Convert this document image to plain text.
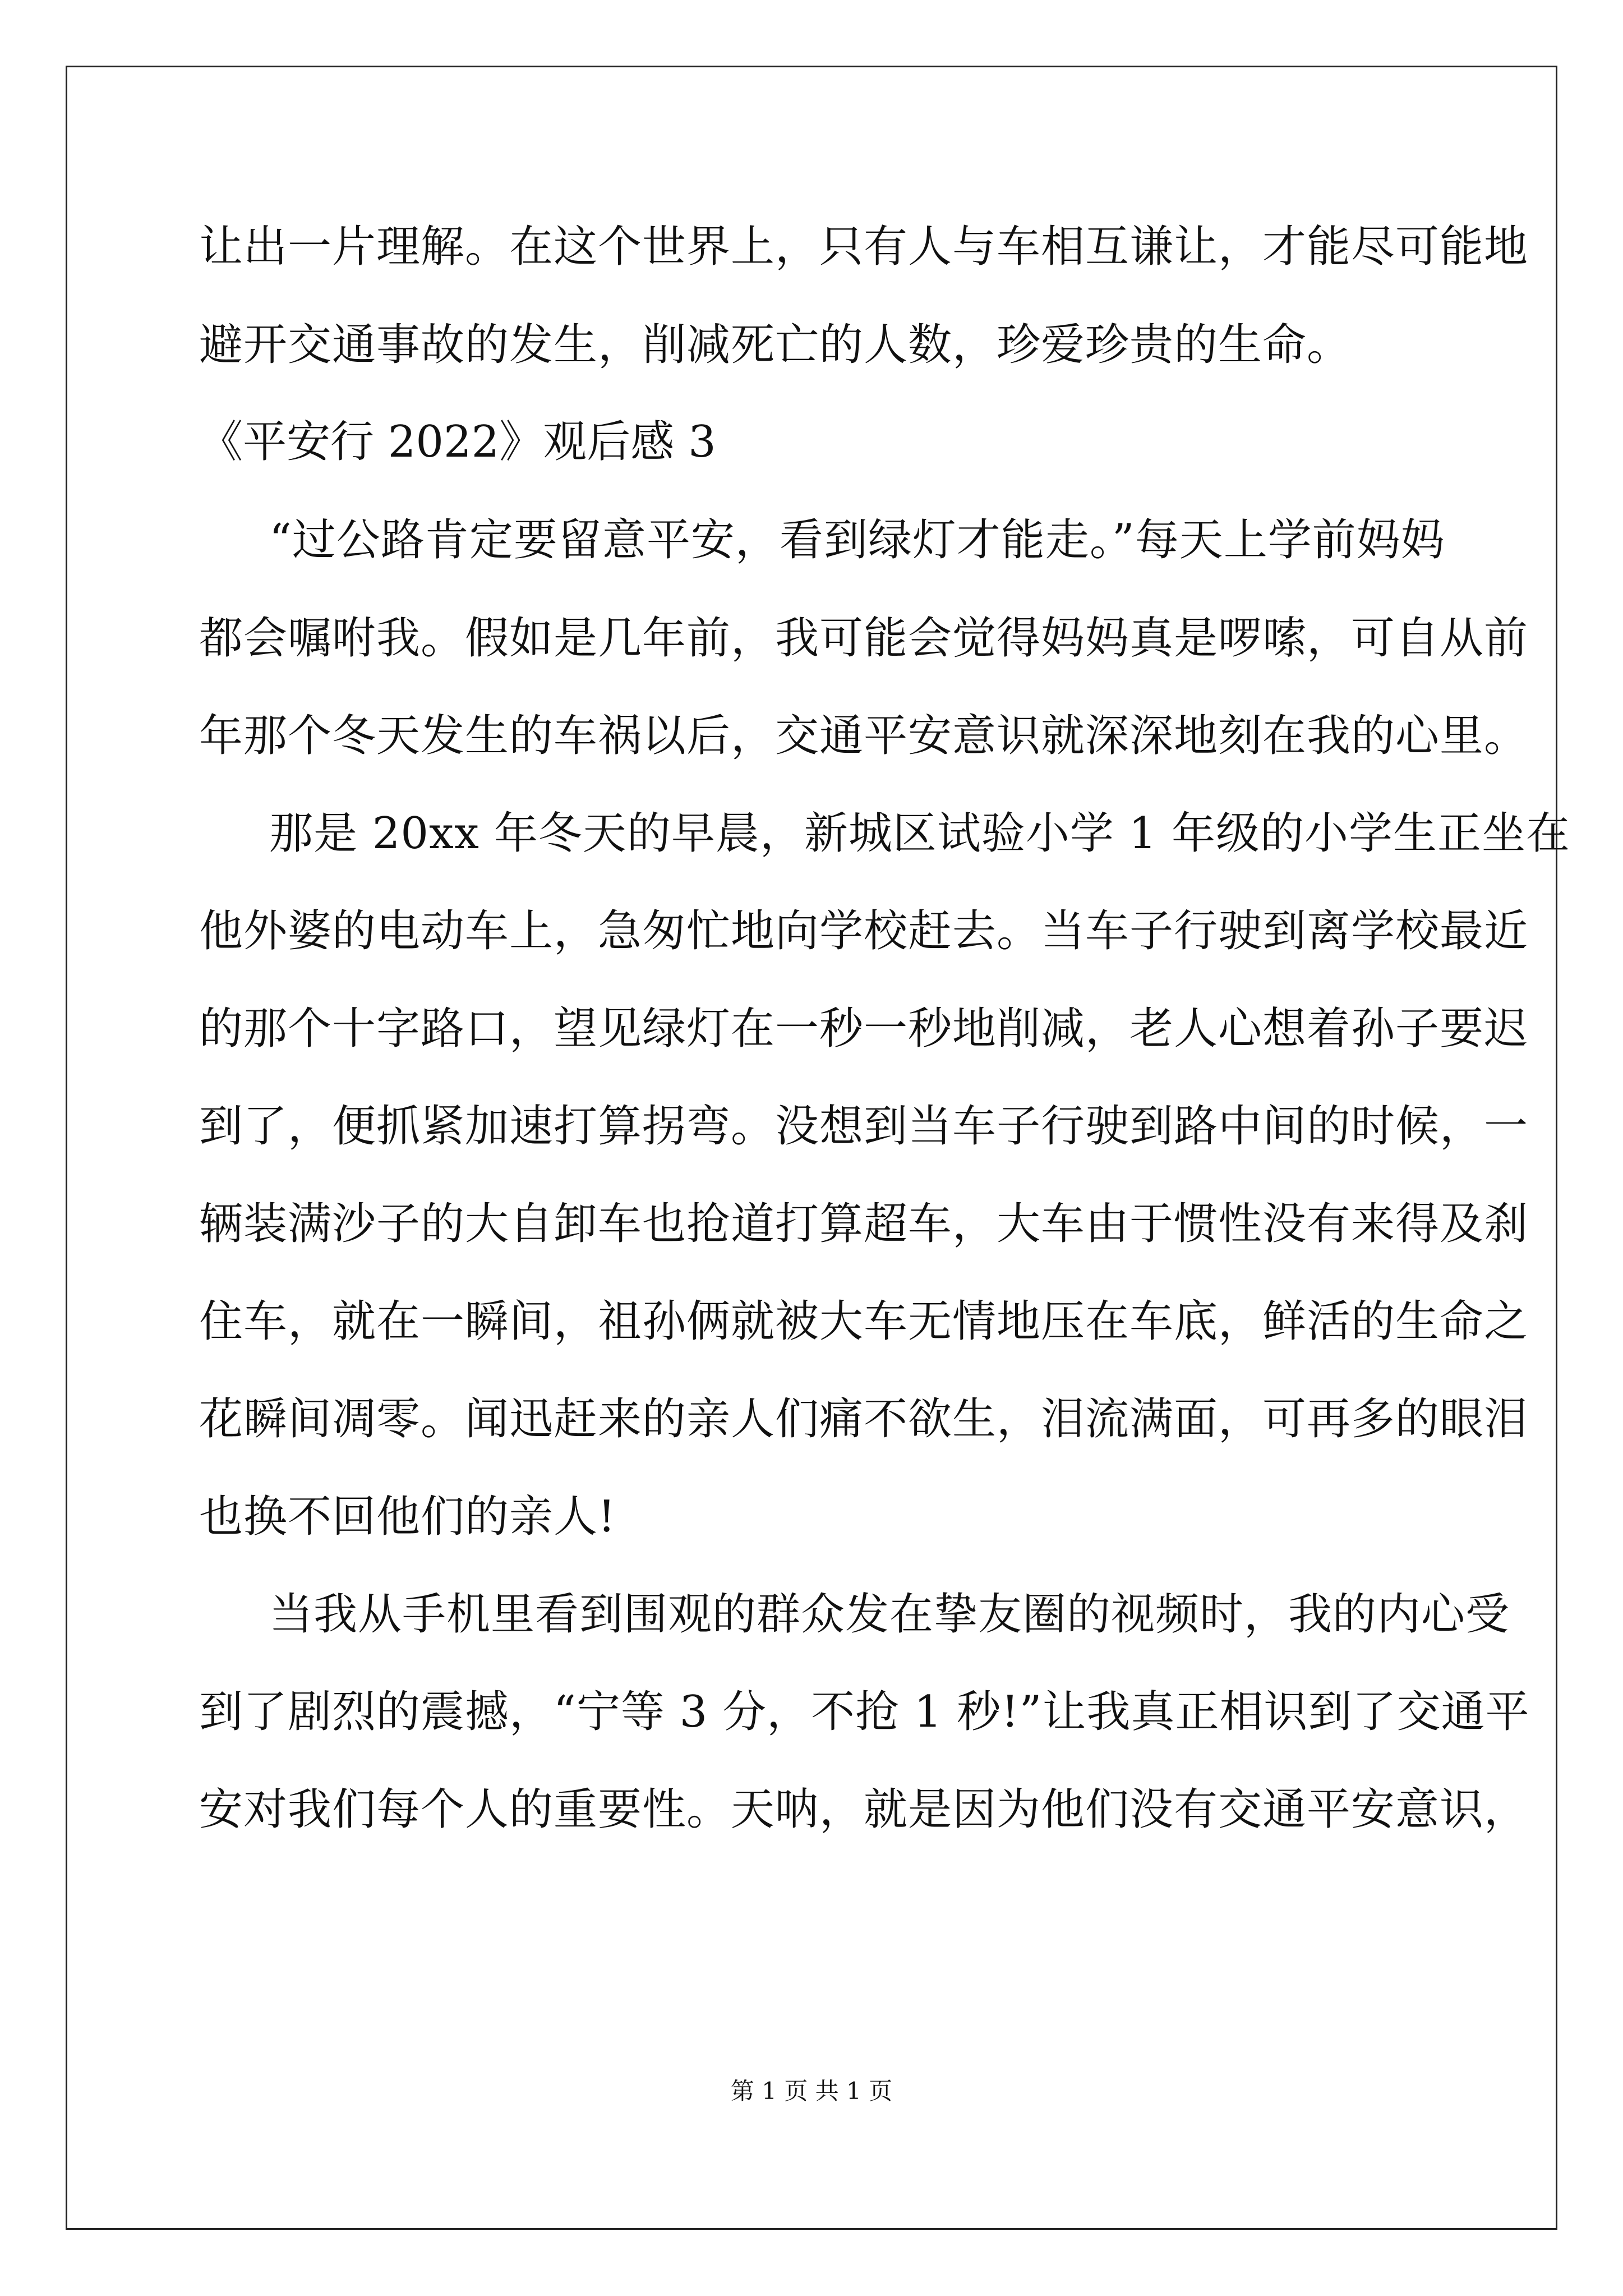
让出一片理解。在这个世界上，只有人与车相互谦让，才能尽可能地
避开交通事故的发生，削减死亡的人数，珍爱珍贵的生命。
《平安行 2022》观后感 3
“过公路肯定要留意平安，看到绿灯才能走。”每天上学前妈妈
都会嘱咐我。假如是几年前，我可能会觉得妈妈真是啰嗦，可自从前
年那个冬天发生的车祸以后，交通平安意识就深深地刻在我的心里。
那是 20xx 年冬天的早晨，新城区试验小学 1 年级的小学生正坐在
他外婆的电动车上，急匆忙地向学校赶去。当车子行驶到离学校最近
的那个十字路口，望见绿灯在一秒一秒地削减，老人心想着孙子要迟
到了，便抓紧加速打算拐弯。没想到当车子行驶到路中间的时候，一
辆装满沙子的大自卸车也抢道打算超车，大车由于惯性没有来得及刹
住车，就在一瞬间，祖孙俩就被大车无情地压在车底，鲜活的生命之
花瞬间凋零。闻迅赶来的亲人们痛不欲生，泪流满面，可再多的眼泪
也换不回他们的亲人!
当我从手机里看到围观的群众发在挚友圈的视频时，我的内心受
到了剧烈的震撼，“宁等 3 分，不抢 1 秒!”让我真正相识到了交通平
安对我们每个人的重要性。天呐，就是因为他们没有交通平安意识，
第 1 页 共 1 页
